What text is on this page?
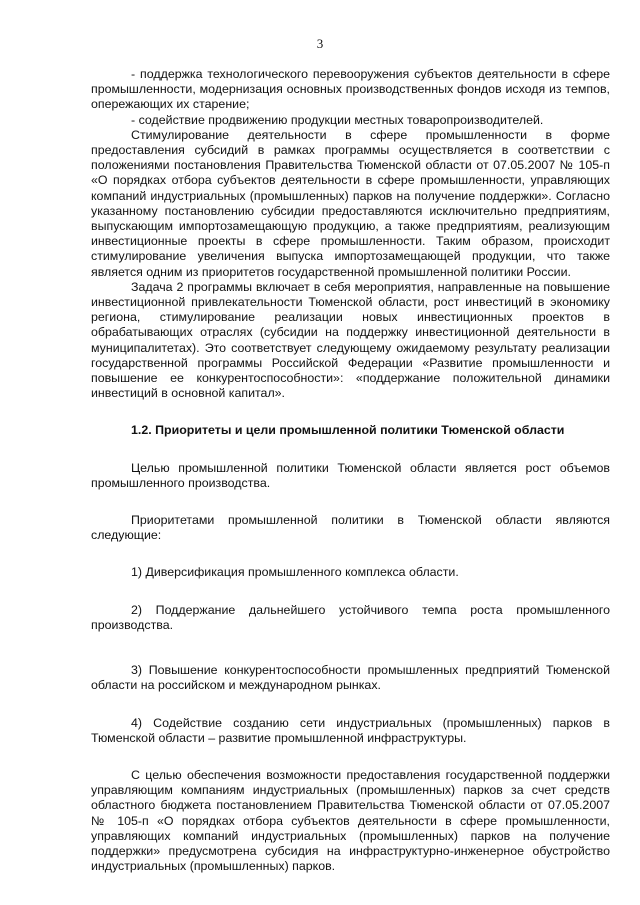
3

- поддержка технологического перевооружения субъектов деятельности в сфере промышленности, модернизация основных производственных фондов исходя из темпов, опережающих их старение;

- содействие продвижению продукции местных товаропроизводителей.

Стимулирование деятельности в сфере промышленности в форме предоставления субсидий в рамках программы осуществляется в соответствии с положениями постановления Правительства Тюменской области от 07.05.2007 № 105-п «О порядках отбора субъектов деятельности в сфере промышленности, управляющих компаний индустриальных (промышленных) парков на получение поддержки». Согласно указанному постановлению субсидии предоставляются исключительно предприятиям, выпускающим импортозамещающую продукцию, а также предприятиям, реализующим инвестиционные проекты в сфере промышленности. Таким образом, происходит стимулирование увеличения выпуска импортозамещающей продукции, что также является одним из приоритетов государственной промышленной политики России.

Задача 2 программы включает в себя мероприятия, направленные на повышение инвестиционной привлекательности Тюменской области, рост инвестиций в экономику региона, стимулирование реализации новых инвестиционных проектов в обрабатывающих отраслях (субсидии на поддержку инвестиционной деятельности в муниципалитетах). Это соответствует следующему ожидаемому результату реализации государственной программы Российской Федерации «Развитие промышленности и повышение ее конкурентоспособности»: «поддержание положительной динамики инвестиций в основной капитал».

1.2. Приоритеты и цели промышленной политики Тюменской области

Целью промышленной политики Тюменской области является рост объемов промышленного производства.

Приоритетами промышленной политики в Тюменской области являются следующие:

1) Диверсификация промышленного комплекса области.

2) Поддержание дальнейшего устойчивого темпа роста промышленного производства.

3) Повышение конкурентоспособности промышленных предприятий Тюменской области на российском и международном рынках.

4) Содействие созданию сети индустриальных (промышленных) парков в Тюменской области – развитие промышленной инфраструктуры.

С целью обеспечения возможности предоставления государственной поддержки управляющим компаниям индустриальных (промышленных) парков за счет средств областного бюджета постановлением Правительства Тюменской области от 07.05.2007 № 105-п «О порядках отбора субъектов деятельности в сфере промышленности, управляющих компаний индустриальных (промышленных) парков на получение поддержки» предусмотрена субсидия на инфраструктурно-инженерное обустройство индустриальных (промышленных) парков.
